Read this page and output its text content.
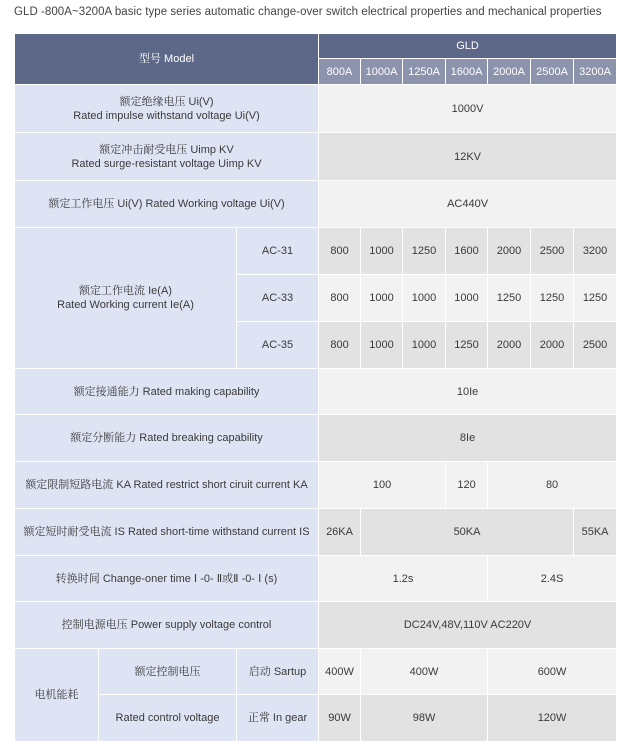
GLD -800A~3200A basic type series automatic change-over switch electrical properties and mechanical properties
型号 Model			GLD						
			800A	1000A	1250A	1600A	2000A	2500A	3200A

额定绝缘电压 Ui(V)
Rated impulse withstand voltage Ui(V)			1000V						

额定冲击耐受电压 Uimp KV
Rated surge-resistant voltage Uimp KV			12KV						
额定工作电压 Ui(V) Rated Working voltage Ui(V)			AC440V						

额定工作电流 Ie(A)
Rated Working current Ie(A)		AC-31	800	1000	1250	1600	2000	2500	3200
		AC-33	800	1000	1000	1000	1250	1250	1250
		AC-35	800	1000	1000	1250	2000	2000	2500
额定接通能力 Rated making capability			10Ie						
额定分断能力 Rated breaking capability			8Ie						
额定限制短路电流 KA Rated restrict short ciruit current KA			100			120	80		
额定短时耐受电流 IS Rated short-time withstand current IS			26KA	50KA					55KA
转换时间 Change-oner time Ⅰ -0- Ⅱ或Ⅱ -0- Ⅰ (s)			1.2s				2.4S		
控制电源电压 Power supply voltage control			DC24V,48V,110V AC220V						
电机能耗	额定控制电压	启动 Sartup	400W	400W			600W		
	Rated control voltage	正常 In gear	90W	98W			120W		
